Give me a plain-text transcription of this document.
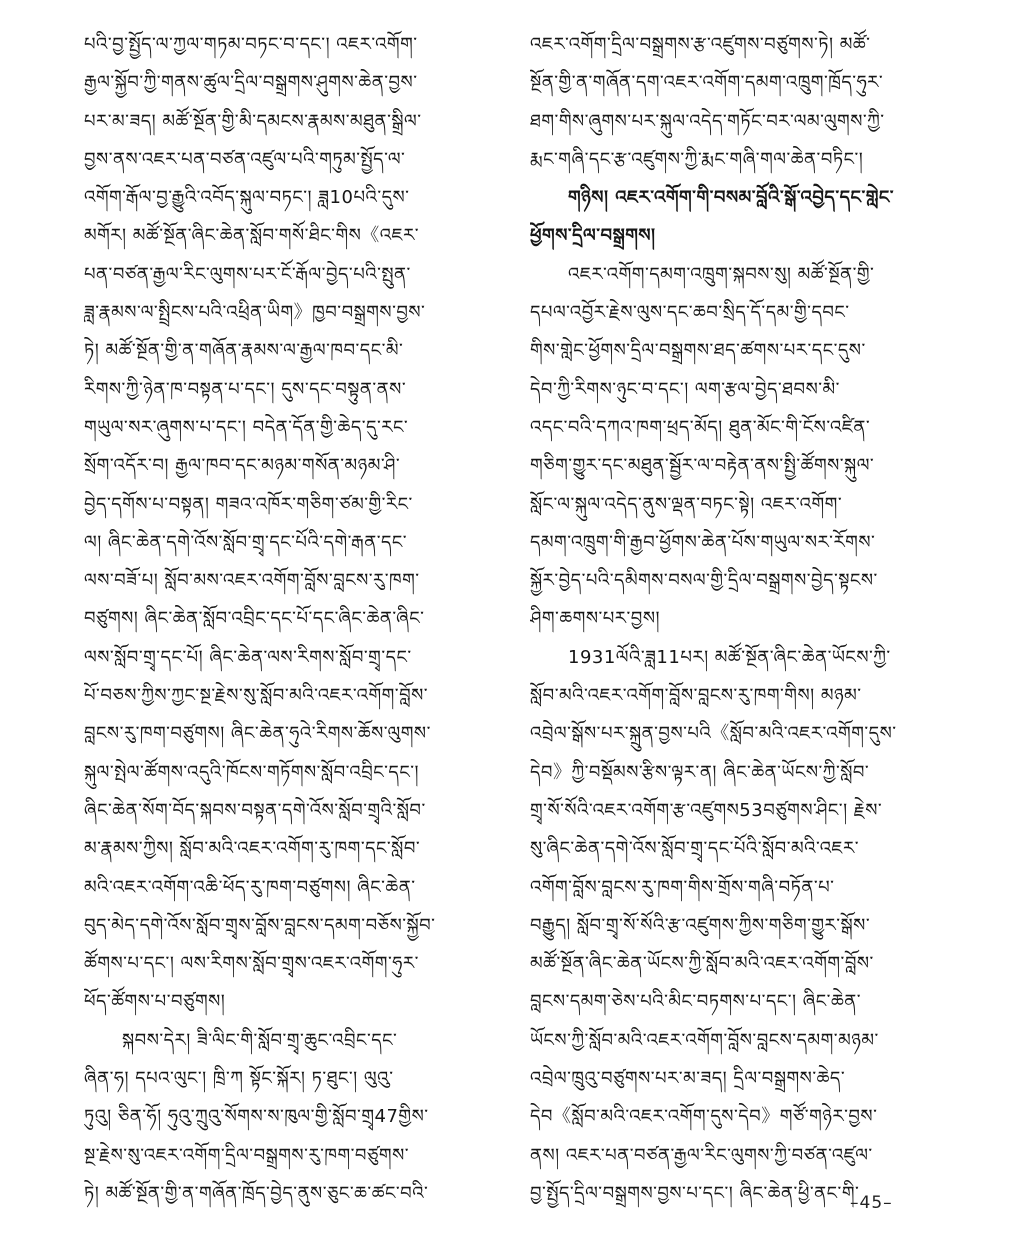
པའི་བྱ་སྤྱོད་ལ་ཀྱལ་གཏམ་བཏང་བ་དང་། འཇར་འགོག་
རྒྱལ་སྐྱོབ་ཀྱི་གནས་ཚུལ་དྲིལ་བསྒྲགས་ཤུགས་ཆེན་བྱས་
པར་མ་ཟད། མཚོ་སྔོན་གྱི་མི་དམངས་རྣམས་མཐུན་སྒྲིལ་
བྱས་ནས་འཇར་པན་བཙན་འཛུལ་པའི་གཏུམ་སྤྱོད་ལ་
འགོག་རྒོལ་བྱ་རྒྱུའི་འབོད་སྐུལ་བཏང་། ཟླ10པའི་དུས་
མགོར། མཚོ་སྔོན་ཞིང་ཆེན་སློབ་གསོ་ཐིང་གིས《འཇར་
པན་བཙན་རྒྱལ་རིང་ལུགས་པར་ངོ་རྒོལ་བྱེད་པའི་སྤུན་
ཟླ་རྣམས་ལ་སྤྲིངས་པའི་འཕྲིན་ཡིག》ཁྱབ་བསྒྲགས་བྱས་
ཏེ། མཚོ་སྔོན་གྱི་ན་གཞོན་རྣམས་ལ་རྒྱལ་ཁབ་དང་མི་
རིགས་ཀྱི་ཉེན་ཁ་བསྟན་པ་དང་། དུས་དང་བསྟུན་ནས་
གཡུལ་སར་ཞུགས་པ་དང་། བདེན་དོན་གྱི་ཆེད་དུ་རང་
སྲོག་འདོར་བ། རྒྱལ་ཁབ་དང་མཉམ་གསོན་མཉམ་ཤི་
བྱེད་དགོས་པ་བསྟན། གཟའ་འཁོར་གཅིག་ཙམ་གྱི་རིང་
ལ། ཞིང་ཆེན་དགེ་འོས་སློབ་གྲྭ་དང་པོའི་དགེ་རྒན་དང་
ལས་བཟོ་པ། སློབ་མས་འཇར་འགོག་བློས་བླངས་རུ་ཁག་
བཙུགས། ཞིང་ཆེན་སློབ་འབྲིང་དང་པོ་དང་ཞིང་ཆེན་ཞིང་
ལས་སློབ་གྲྭ་དང་པོ། ཞིང་ཆེན་ལས་རིགས་སློབ་གྲྭ་དང་
པོ་བཅས་ཀྱིས་ཀྱང་སྔ་རྗེས་སུ་སློབ་མའི་འཇར་འགོག་བློས་
བླངས་རུ་ཁག་བཙུགས། ཞིང་ཆེན་ཧུའེ་རིགས་ཆོས་ལུགས་
སྐུལ་སྤེལ་ཚོགས་འདུའི་ཁོངས་གཏོགས་སློབ་འབྲིང་དང་།
ཞིང་ཆེན་སོག་བོད་སྐབས་བསྟན་དགེ་འོས་སློབ་གྲྭའི་སློབ་
མ་རྣམས་ཀྱིས། སློབ་མའི་འཇར་འགོག་རུ་ཁག་དང་སློབ་
མའི་འཇར་འགོག་འཆི་ཕོད་རུ་ཁག་བཙུགས། ཞིང་ཆེན་
བུད་མེད་དགེ་འོས་སློབ་གྲྭས་བློས་བླངས་དམག་བཅོས་སྐྱོབ་
ཚོགས་པ་དང་། ལས་རིགས་སློབ་གྲྭས་འཇར་འགོག་ཧུར་
ཕོད་ཚོགས་པ་བཙུགས།
སྐབས་དེར། ཟི་ལིང་གི་སློབ་གྲྭ་ཆུང་འབྲིང་དང་
ཞིན་ཧ། དཔའ་ལུང་། ཁྲི་ཀ སྟོང་སྐོར། ཏ་ཐུང་། ལུའུ་
ཏུའུ། ཅིན་ཧོ། ཧུའུ་ཀྲུའུ་སོགས་ས་ཁུལ་གྱི་སློབ་གྲྭ47གྱིས་
སྔ་རྗེས་སུ་འཇར་འགོག་དྲིལ་བསྒྲགས་རུ་ཁག་བཙུགས་
ཏེ། མཚོ་སྔོན་གྱི་ན་གཞོན་ཁྲོད་བྱེད་ནུས་ཅུང་ཆ་ཚང་བའི་
འཇར་འགོག་དྲིལ་བསྒྲགས་རྩ་འཛུགས་བཙུགས་ཏེ། མཚོ་
སྔོན་གྱི་ན་གཞོན་དག་འཇར་འགོག་དམག་འཁྲུག་ཁྲོད་ཧུར་
ཐག་གིས་ཞུགས་པར་སྐུལ་འདེད་གཏོང་བར་ལམ་ལུགས་ཀྱི་
རྨང་གཞི་དང་རྩ་འཛུགས་ཀྱི་རྨང་གཞི་གལ་ཆེན་བཏིང་།
གཉིས། འཇར་འགོག་གི་བསམ་བློའི་སྒོ་འབྱེད་དང་གླེང་
ཕྱོགས་དྲིལ་བསྒྲགས།
འཇར་འགོག་དམག་འཁྲུག་སྐབས་སུ། མཚོ་སྔོན་གྱི་
དཔལ་འབྱོར་རྗེས་ལུས་དང་ཆབ་སྲིད་དོ་དམ་གྱི་དབང་
གིས་གླེང་ཕྱོགས་དྲིལ་བསྒྲགས་ཐད་ཚགས་པར་དང་དུས་
དེབ་ཀྱི་རིགས་ཉུང་བ་དང་། ལག་རྩལ་བྱེད་ཐབས་མི་
འདང་བའི་དཀའ་ཁག་ཕྲད་མོད། ཐུན་མོང་གི་ངོས་འཛིན་
གཅིག་གྱུར་དང་མཐུན་སྦྱོར་ལ་བརྟེན་ནས་སྤྱི་ཚོགས་སྐུལ་
སློང་ལ་སྐུལ་འདེད་ནུས་ལྡན་བཏང་སྟེ། འཇར་འགོག་
དམག་འཁྲུག་གི་རྒྱབ་ཕྱོགས་ཆེན་པོས་གཡུལ་སར་རོགས་
སྐྱོར་བྱེད་པའི་དམིགས་བསལ་གྱི་དྲིལ་བསྒྲགས་བྱེད་སྟངས་
ཤིག་ཆགས་པར་བྱས།
1931ལོའི་ཟླ11པར། མཚོ་སྔོན་ཞིང་ཆེན་ཡོངས་ཀྱི་
སློབ་མའི་འཇར་འགོག་བློས་བླངས་རུ་ཁག་གིས། མཉམ་
འབྲེལ་སྒོས་པར་སྐྲུན་བྱས་པའི《སློབ་མའི་འཇར་འགོག་དུས་
དེབ》ཀྱི་བསྡོམས་རྩིས་ལྟར་ན། ཞིང་ཆེན་ཡོངས་ཀྱི་སློབ་
གྲྭ་སོ་སོའི་འཇར་འགོག་རྩ་འཛུགས53བཙུགས་ཤིང་། རྗེས་
སུ་ཞིང་ཆེན་དགེ་འོས་སློབ་གྲྭ་དང་པོའི་སློབ་མའི་འཇར་
འགོག་བློས་བླངས་རུ་ཁག་གིས་གྲོས་གཞི་བཏོན་པ་
བརྒྱུད། སློབ་གྲྭ་སོ་སོའི་རྩ་འཛུགས་ཀྱིས་གཅིག་གྱུར་སྒོས་
མཚོ་སྔོན་ཞིང་ཆེན་ཡོངས་ཀྱི་སློབ་མའི་འཇར་འགོག་བློས་
བླངས་དམག་ཅེས་པའི་མིང་བཏགས་པ་དང་། ཞིང་ཆེན་
ཡོངས་ཀྱི་སློབ་མའི་འཇར་འགོག་བློས་བླངས་དམག་མཉམ་
འབྲེལ་ཁྲུའུ་བཙུགས་པར་མ་ཟད། དྲིལ་བསྒྲགས་ཆེད་
དེབ《སློབ་མའི་འཇར་འགོག་དུས་དེབ》གཙོ་གཉེར་བྱས་
ནས། འཇར་པན་བཙན་རྒྱལ་རིང་ལུགས་ཀྱི་བཙན་འཛུལ་
བྱ་སྤྱོད་དྲིལ་བསྒྲགས་བྱས་པ་དང་། ཞིང་ཆེན་ཕྱི་ནང་གི་
–45–
